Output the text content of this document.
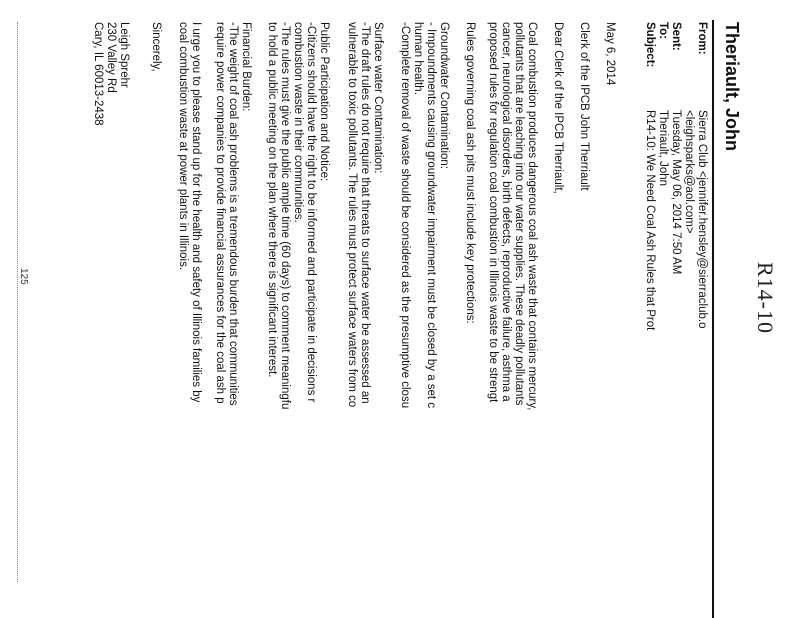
R14-10
Theriault, John
From:Sierra Club <jennifer.hensley@sierraclub.o
<leighsparks@aol.com>
Sent:Tuesday, May 06, 2014 7:50 AM
To:Theriault, John
Subject:R14-10: We Need Coal Ash Rules that Prot
May 6, 2014
Clerk of the IPCB John Therriault
Dear Clerk of the IPCB Therriault,
Coal combustion produces dangerous coal ash waste that contains mercury,
pollutants that are leaching into our water supplies. These deadly pollutants
cancer, neurological disorders, birth defects, reproductive failure, asthma a
proposed rules for regulation coal combustion in Illinois waste to be strengt
Rules governing coal ash pits must include key protections:
Groundwater Contamination:
- Impoundments causing groundwater impairment must be closed by a set c
human health.
-Complete removal of waste should be considered as the presumptive closu
Surface water Contamination:
-The draft rules do not require that threats to surface water be assessed an
vulnerable to toxic pollutants. The rules must protect surface waters from co
Public Participation and Notice:
-Citizens should have the right to be informed and participate in decisions r
combustion waste in their communities.
-The rules must give the public ample time (60 days) to comment meaningfu
to hold a public meeting on the plan where there is significant interest.
Financial Burden:
-The weight of coal ash problems is a tremendous burden that communities
require power companies to provide financial assurances for the coal ash p
I urge you to please stand up for the health and safety of Illinois families by
coal combustion waste at power plants in Illinois.
Sincerely,
Leigh Sprehr
230 Valley Rd
Cary, IL 60013-2438
125
